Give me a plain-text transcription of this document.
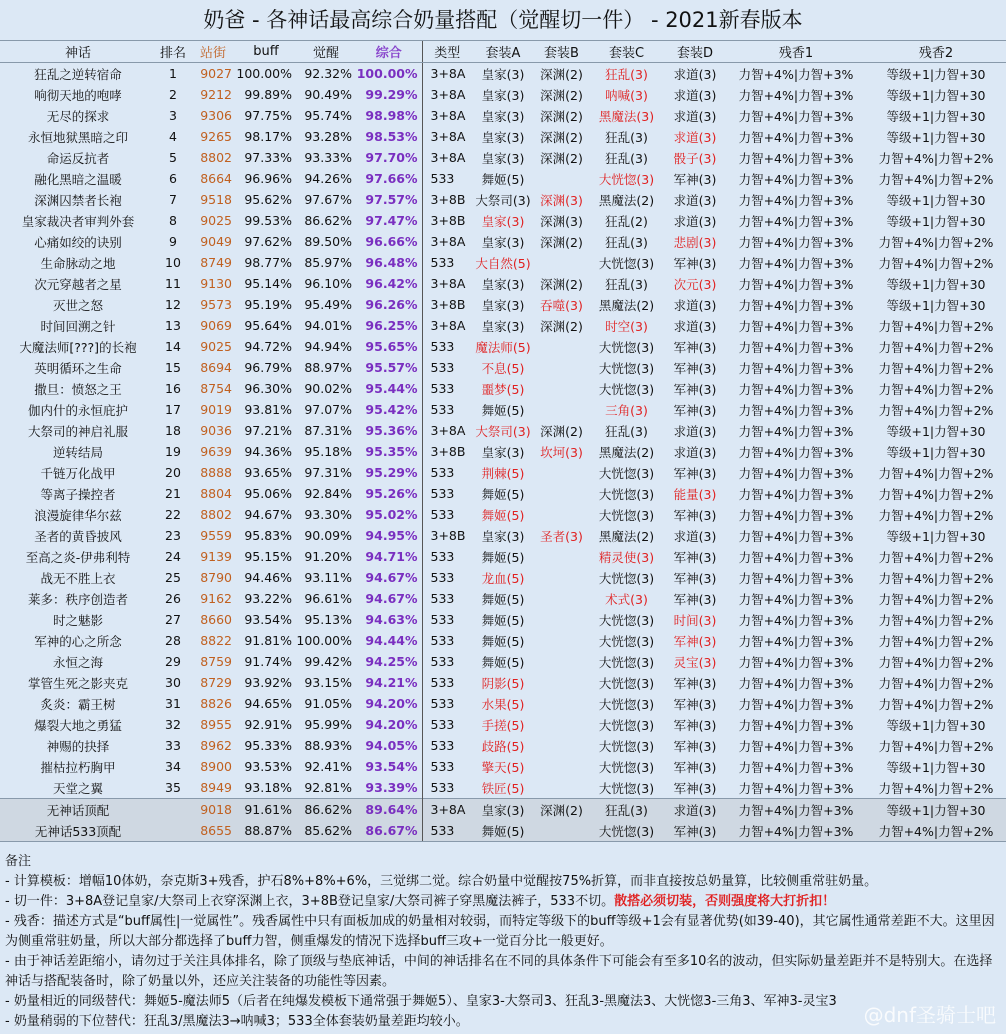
奶爸 - 各神话最高综合奶量搭配（觉醒切一件） - 2021新春版本
神话	排名	站街	buff	觉醒	综合	类型	套装A	套装B	套装C	套装D	残香1	残香2
狂乱之逆转宿命	1	9027	100.00%	92.32%	100.00%	3+8A	皇家(3)	深渊(2)	狂乱(3)	求道(3)	力智+4%|力智+3%	等级+1|力智+30
响彻天地的咆哮	2	9212	99.89%	90.49%	99.29%	3+8A	皇家(3)	深渊(2)	呐喊(3)	求道(3)	力智+4%|力智+3%	等级+1|力智+30
无尽的探求	3	9306	97.75%	95.74%	98.98%	3+8A	皇家(3)	深渊(2)	黑魔法(3)	求道(3)	力智+4%|力智+3%	等级+1|力智+30
永恒地狱黑暗之印	4	9265	98.17%	93.28%	98.53%	3+8A	皇家(3)	深渊(2)	狂乱(3)	求道(3)	力智+4%|力智+3%	等级+1|力智+30
命运反抗者	5	8802	97.33%	93.33%	97.70%	3+8A	皇家(3)	深渊(2)	狂乱(3)	骰子(3)	力智+4%|力智+3%	力智+4%|力智+2%
融化黑暗之温暖	6	8664	96.96%	94.26%	97.66%	533	舞姬(5)		大恍惚(3)	军神(3)	力智+4%|力智+3%	力智+4%|力智+2%
深渊囚禁者长袍	7	9518	95.62%	97.67%	97.57%	3+8B	大祭司(3)	深渊(3)	黑魔法(2)	求道(3)	力智+4%|力智+3%	等级+1|力智+30
皇家裁决者审判外套	8	9025	99.53%	86.62%	97.47%	3+8B	皇家(3)	深渊(3)	狂乱(2)	求道(3)	力智+4%|力智+3%	等级+1|力智+30
心痛如绞的诀别	9	9049	97.62%	89.50%	96.66%	3+8A	皇家(3)	深渊(2)	狂乱(3)	悲剧(3)	力智+4%|力智+3%	力智+4%|力智+2%
生命脉动之地	10	8749	98.77%	85.97%	96.48%	533	大自然(5)		大恍惚(3)	军神(3)	力智+4%|力智+3%	力智+4%|力智+2%
次元穿越者之星	11	9130	95.14%	96.10%	96.42%	3+8A	皇家(3)	深渊(2)	狂乱(3)	次元(3)	力智+4%|力智+3%	等级+1|力智+30
灭世之怒	12	9573	95.19%	95.49%	96.26%	3+8B	皇家(3)	吞噬(3)	黑魔法(2)	求道(3)	力智+4%|力智+3%	等级+1|力智+30
时间回溯之针	13	9069	95.64%	94.01%	96.25%	3+8A	皇家(3)	深渊(2)	时空(3)	求道(3)	力智+4%|力智+3%	力智+4%|力智+2%
大魔法师[???]的长袍	14	9025	94.72%	94.94%	95.65%	533	魔法师(5)		大恍惚(3)	军神(3)	力智+4%|力智+3%	力智+4%|力智+2%
英明循环之生命	15	8694	96.79%	88.97%	95.57%	533	不息(5)		大恍惚(3)	军神(3)	力智+4%|力智+3%	力智+4%|力智+2%
撒旦：愤怒之王	16	8754	96.30%	90.02%	95.44%	533	噩梦(5)		大恍惚(3)	军神(3)	力智+4%|力智+3%	力智+4%|力智+2%
伽内什的永恒庇护	17	9019	93.81%	97.07%	95.42%	533	舞姬(5)		三角(3)	军神(3)	力智+4%|力智+3%	力智+4%|力智+2%
大祭司的神启礼服	18	9036	97.21%	87.31%	95.36%	3+8A	大祭司(3)	深渊(2)	狂乱(3)	求道(3)	力智+4%|力智+3%	等级+1|力智+30
逆转结局	19	9639	94.36%	95.18%	95.35%	3+8B	皇家(3)	坎坷(3)	黑魔法(2)	求道(3)	力智+4%|力智+3%	等级+1|力智+30
千链万化战甲	20	8888	93.65%	97.31%	95.29%	533	荆棘(5)		大恍惚(3)	军神(3)	力智+4%|力智+3%	力智+4%|力智+2%
等离子操控者	21	8804	95.06%	92.84%	95.26%	533	舞姬(5)		大恍惚(3)	能量(3)	力智+4%|力智+3%	力智+4%|力智+2%
浪漫旋律华尔兹	22	8802	94.67%	93.30%	95.02%	533	舞姬(5)		大恍惚(3)	军神(3)	力智+4%|力智+3%	力智+4%|力智+2%
圣者的黄昏披风	23	9559	95.83%	90.09%	94.95%	3+8B	皇家(3)	圣者(3)	黑魔法(2)	求道(3)	力智+4%|力智+3%	等级+1|力智+30
至高之炎-伊弗利特	24	9139	95.15%	91.20%	94.71%	533	舞姬(5)		精灵使(3)	军神(3)	力智+4%|力智+3%	力智+4%|力智+2%
战无不胜上衣	25	8790	94.46%	93.11%	94.67%	533	龙血(5)		大恍惚(3)	军神(3)	力智+4%|力智+3%	力智+4%|力智+2%
莱多：秩序创造者	26	9162	93.22%	96.61%	94.67%	533	舞姬(5)		术式(3)	军神(3)	力智+4%|力智+3%	力智+4%|力智+2%
时之魅影	27	8660	93.54%	95.13%	94.63%	533	舞姬(5)		大恍惚(3)	时间(3)	力智+4%|力智+3%	力智+4%|力智+2%
军神的心之所念	28	8822	91.81%	100.00%	94.44%	533	舞姬(5)		大恍惚(3)	军神(3)	力智+4%|力智+3%	力智+4%|力智+2%
永恒之海	29	8759	91.74%	99.42%	94.25%	533	舞姬(5)		大恍惚(3)	灵宝(3)	力智+4%|力智+3%	力智+4%|力智+2%
掌管生死之影夹克	30	8729	93.92%	93.15%	94.21%	533	阴影(5)		大恍惚(3)	军神(3)	力智+4%|力智+3%	力智+4%|力智+2%
炙炎：霸王树	31	8826	94.65%	91.05%	94.20%	533	水果(5)		大恍惚(3)	军神(3)	力智+4%|力智+3%	力智+4%|力智+2%
爆裂大地之勇猛	32	8955	92.91%	95.99%	94.20%	533	手搓(5)		大恍惚(3)	军神(3)	力智+4%|力智+3%	等级+1|力智+30
神赐的抉择	33	8962	95.33%	88.93%	94.05%	533	歧路(5)		大恍惚(3)	军神(3)	力智+4%|力智+3%	力智+4%|力智+2%
摧枯拉朽胸甲	34	8900	93.53%	92.41%	93.54%	533	擎天(5)		大恍惚(3)	军神(3)	力智+4%|力智+3%	等级+1|力智+30
天堂之翼	35	8949	93.18%	92.81%	93.39%	533	铁匠(5)		大恍惚(3)	军神(3)	力智+4%|力智+3%	力智+4%|力智+2%
无神话顶配		9018	91.61%	86.62%	89.64%	3+8A	皇家(3)	深渊(2)	狂乱(3)	求道(3)	力智+4%|力智+3%	等级+1|力智+30
无神话533顶配		8655	88.87%	85.62%	86.67%	533	舞姬(5)		大恍惚(3)	军神(3)	力智+4%|力智+3%	力智+4%|力智+2%
备注
- 计算模板：增幅10体奶，奈克斯3+残香，护石8%+8%+6%，三觉绑二觉。综合奶量中觉醒按75%折算，而非直接按总奶量算，比较侧重常驻奶量。
- 切一件：3+8A登记皇家/大祭司上衣穿深渊上衣，3+8B登记皇家/大祭司裤子穿黑魔法裤子，533不切。散搭必须切装，否则强度将大打折扣！
- 残香：描述方式是“buff属性|一觉属性”。残香属性中只有面板加成的奶量相对较弱，而特定等级下的buff等级+1会有显著优势(如39-40)，其它属性通常差距不大。这里因为侧重常驻奶量，所以大部分都选择了buff力智，侧重爆发的情况下选择buff三攻+一觉百分比一般更好。
- 由于神话差距缩小，请勿过于关注具体排名，除了顶级与垫底神话，中间的神话排名在不同的具体条件下可能会有至多10名的波动，但实际奶量差距并不是特别大。在选择神话与搭配装备时，除了奶量以外，还应关注装备的功能性等因素。
- 奶量相近的同级替代：舞姬5-魔法师5（后者在纯爆发模板下通常强于舞姬5）、皇家3-大祭司3、狂乱3-黑魔法3、大恍惚3-三角3、军神3-灵宝3
- 奶量稍弱的下位替代：狂乱3/黑魔法3→呐喊3；533全体套装奶量差距均较小。	@dnf圣骑士吧
